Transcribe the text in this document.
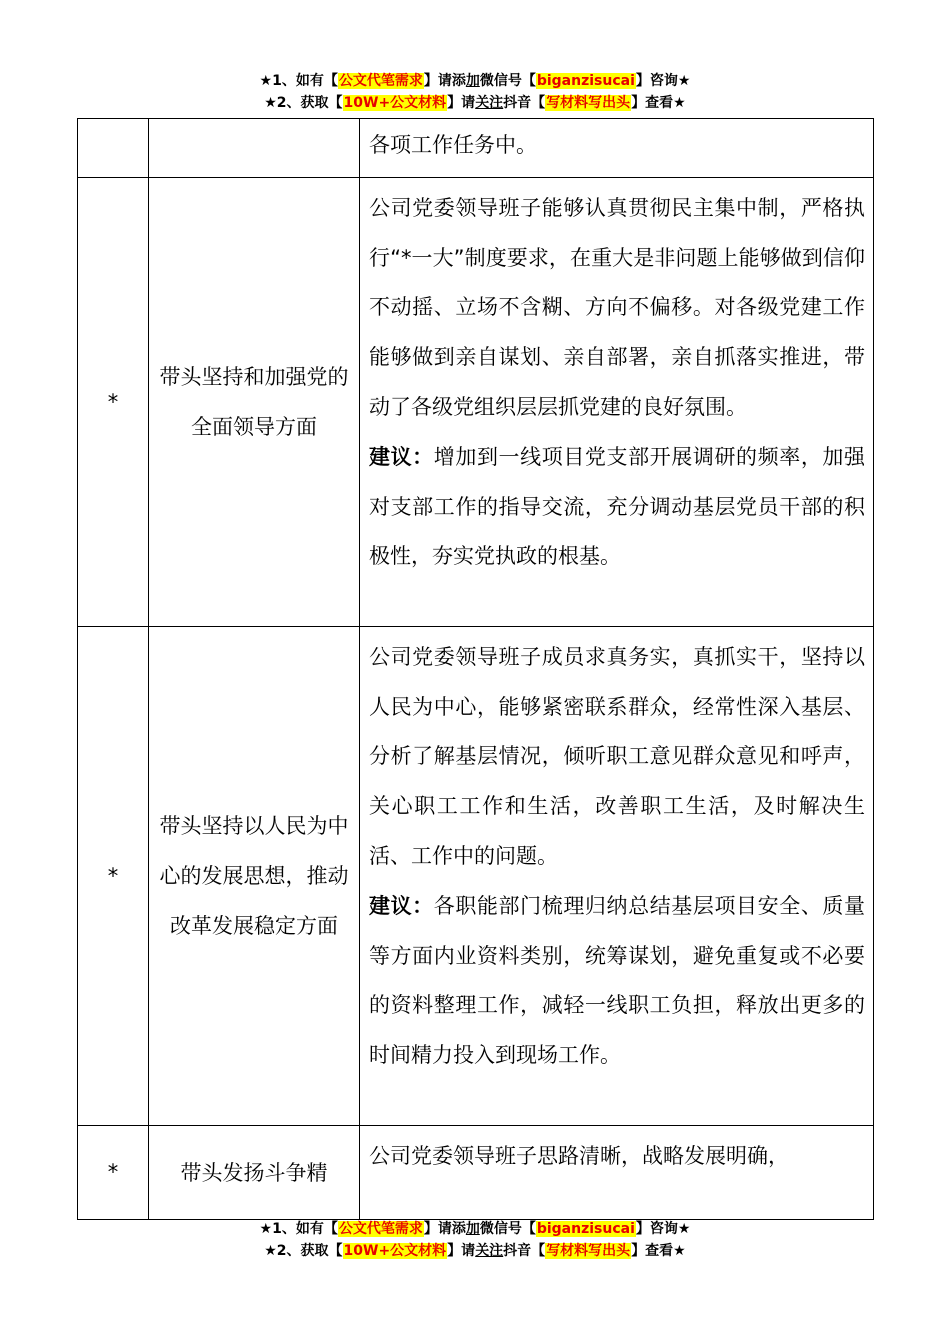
★1、如有【公文代笔需求】请添加微信号【biganzisucai】咨询★
★2、获取【10W+公文材料】请关注抖音【写材料写出头】查看★

		各项工作任务中。

*	带头坚持和加强党的全面领导方面	公司党委领导班子能够认真贯彻民主集中制，严格执行“*一大”制度要求，在重大是非问题上能够做到信仰不动摇、立场不含糊、方向不偏移。对各级党建工作能够做到亲自谋划、亲自部署，亲自抓落实推进，带动了各级党组织层层抓党建的良好氛围。

建议：增加到一线项目党支部开展调研的频率，加强对支部工作的指导交流，充分调动基层党员干部的积极性，夯实党执政的根基。

*	带头坚持以人民为中心的发展思想，推动改革发展稳定方面	公司党委领导班子成员求真务实，真抓实干，坚持以人民为中心，能够紧密联系群众，经常性深入基层、分析了解基层情况，倾听职工意见群众意见和呼声，关心职工工作和生活，改善职工生活，及时解决生活、工作中的问题。

建议：各职能部门梳理归纳总结基层项目安全、质量等方面内业资料类别，统筹谋划，避免重复或不必要的资料整理工作，减轻一线职工负担，释放出更多的时间精力投入到现场工作。

*	带头发扬斗争精	公司党委领导班子思路清晰，战略发展明确，

★1、如有【公文代笔需求】请添加微信号【biganzisucai】咨询★
★2、获取【10W+公文材料】请关注抖音【写材料写出头】查看★
